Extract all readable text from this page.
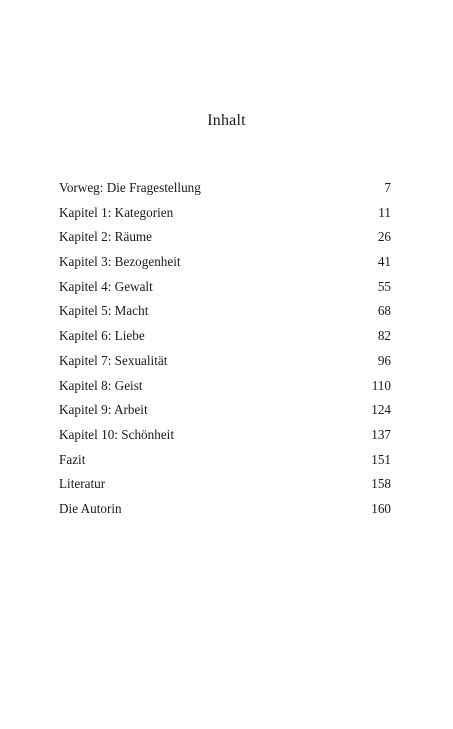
Inhalt
Vorweg: Die Fragestellung	7
Kapitel 1: Kategorien	11
Kapitel 2: Räume	26
Kapitel 3: Bezogenheit	41
Kapitel 4: Gewalt	55
Kapitel 5: Macht	68
Kapitel 6: Liebe	82
Kapitel 7: Sexualität	96
Kapitel 8: Geist	110
Kapitel 9: Arbeit	124
Kapitel 10: Schönheit	137
Fazit	151
Literatur	158
Die Autorin	160
